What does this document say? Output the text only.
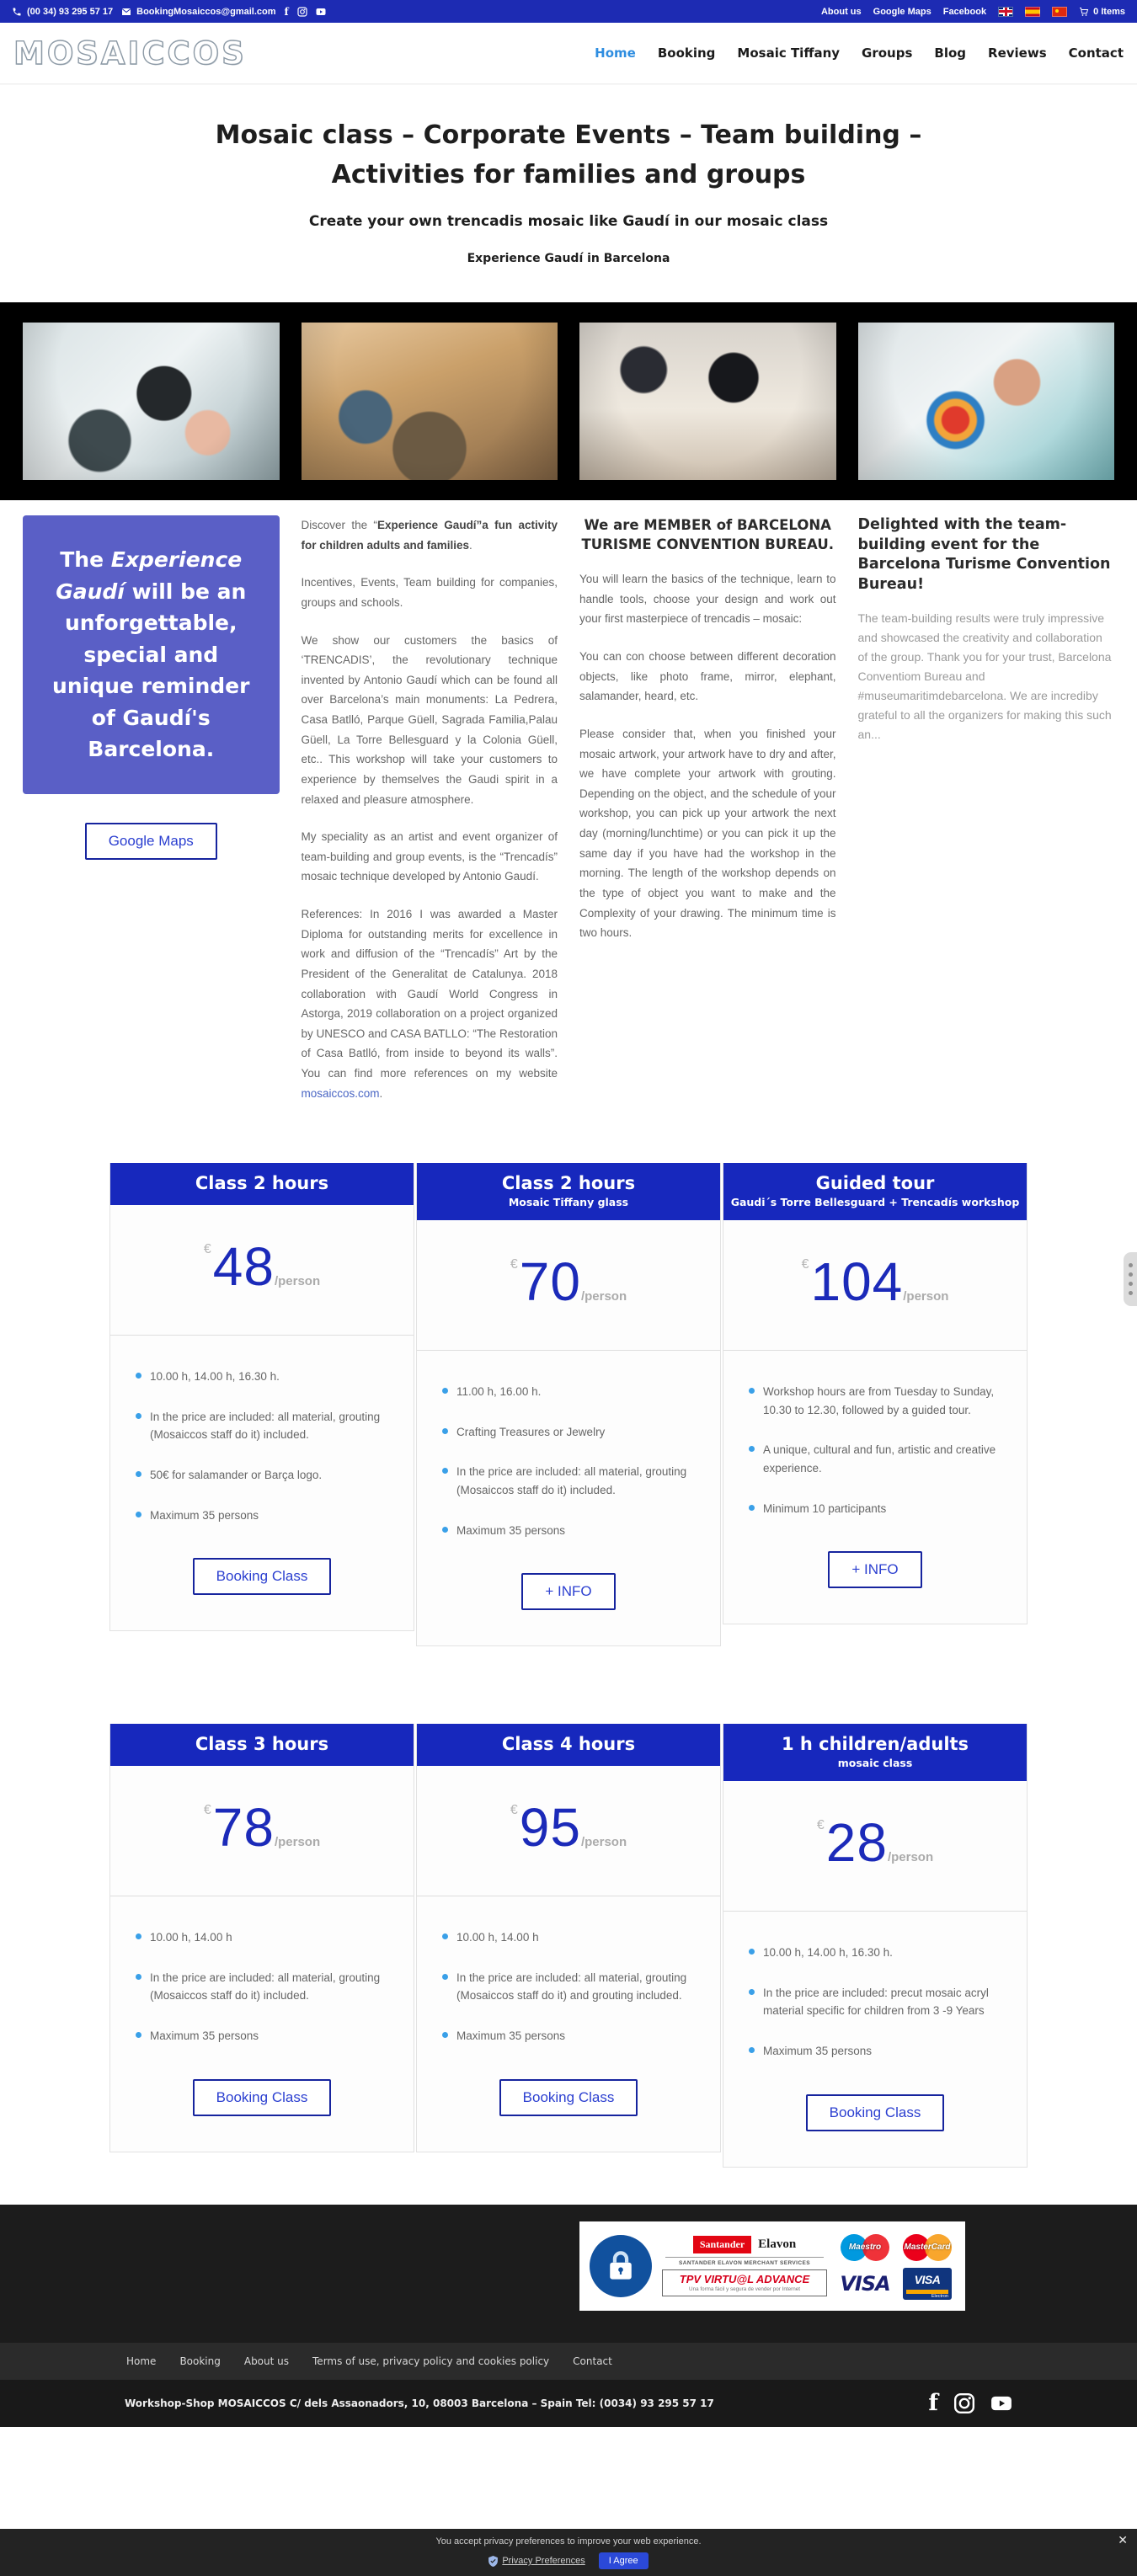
(00 34) 93 295 57 17	BookingMosaiccos@gmail.com f	About us Google Maps Facebook	0 Items
MOSAICCOS	Home Booking Mosaic Tiffany Groups Blog Reviews Contact
Mosaic class – Corporate Events – Team building – Activities for families and groups
Create your own trencadis mosaic like Gaudí in our mosaic class
Experience Gaudí in Barcelona
The Experience Gaudí will be an unforgettable, special and unique reminder of Gaudí's Barcelona.
Google Maps

Discover the “Experience Gaudí”a fun activity for children adults and families.

Incentives, Events, Team building for companies, groups and schools.

We show our customers the basics of ‘TRENCADIS’, the revolutionary technique invented by Antonio Gaudí which can be found all over Barcelona’s main monuments: La Pedrera, Casa Batlló, Parque Güell, Sagrada Familia,Palau Güell, La Torre Bellesguard y la Colonia Güell, etc.. This workshop will take your customers to experience by themselves the Gaudi spirit in a relaxed and pleasure atmosphere.

My speciality as an artist and event organizer of team-building and group events, is the “Trencadís” mosaic technique developed by Antonio Gaudí.

References: In 2016 I was awarded a Master Diploma for outstanding merits for excellence in work and diffusion of the “Trencadís” Art by the President of the Generalitat de Catalunya. 2018 collaboration with Gaudí World Congress in Astorga, 2019 collaboration on a project organized by UNESCO and CASA BATLLO: “The Restoration of Casa Batlló, from inside to beyond its walls”. You can find more references on my website mosaiccos.com.

We are MEMBER of BARCELONA TURISME CONVENTION BUREAU.

You will learn the basics of the technique, learn to handle tools, choose your design and work out your first masterpiece of trencadis – mosaic:

You can con choose between different decoration objects, like photo frame, mirror, elephant, salamander, heard, etc.

Please consider that, when you finished your mosaic artwork, your artwork have to dry and after, we have complete your artwork with grouting. Depending on the object, and the schedule of your workshop, you can pick up your artwork the next day (morning/lunchtime) or you can pick it up the same day if you have had the workshop in the morning. The length of the workshop depends on the type of object you want to make and the Complexity of your drawing. The minimum time is two hours.

Delighted with the team-building event for the Barcelona Turisme Convention Bureau!

The team-building results were truly impressive and showcased the creativity and collaboration of the group. Thank you for your trust, Barcelona Conventiom Bureau and #museumaritimdebarcelona. We are incrediby grateful to all the organizers for making this such an...

Class 2 hours
€48/person
10.00 h, 14.00 h, 16.30 h.
In the price are included: all material, grouting (Mosaiccos staff do it) included.
50€ for salamander or Barça logo.
Maximum 35 persons
Booking Class
Class 2 hours
Mosaic Tiffany glass
€70/person
11.00 h, 16.00 h.
Crafting Treasures or Jewelry
In the price are included: all material, grouting (Mosaiccos staff do it) included.
Maximum 35 persons
+ INFO
Guided tour
Gaudi´s Torre Bellesguard + Trencadís workshop
€104/person
Workshop hours are from Tuesday to Sunday, 10.30 to 12.30, followed by a guided tour.
A unique, cultural and fun, artistic and creative experience.
Minimum 10 participants
+ INFO
Class 3 hours
€78/person
10.00 h, 14.00 h
In the price are included: all material, grouting (Mosaiccos staff do it) included.
Maximum 35 persons
Booking Class
Class 4 hours
€95/person
10.00 h, 14.00 h
In the price are included: all material, grouting (Mosaiccos staff do it) and grouting included.
Maximum 35 persons
Booking Class
1 h children/adults
mosaic class
€28/person
10.00 h, 14.00 h, 16.30 h.
In the price are included: precut mosaic acryl material specific for children from 3 -9 Years
Maximum 35 persons
Booking Class
Santander Elavon
SANTANDER ELAVON MERCHANT SERVICES
TPV VIRTU@L ADVANCE
Una forma fácil y segura de vender por Internet
Maestro	MasterCard
VISA	VISA
Electron
Home Booking About us Terms of use, privacy policy and cookies policy Contact
Workshop-Shop MOSAICCOS C/ dels Assaonadors, 10, 08003 Barcelona – Spain Tel: (0034) 93 295 57 17	f
You accept privacy preferences to improve your web experience.
Privacy Preferences	I Agree
✕
